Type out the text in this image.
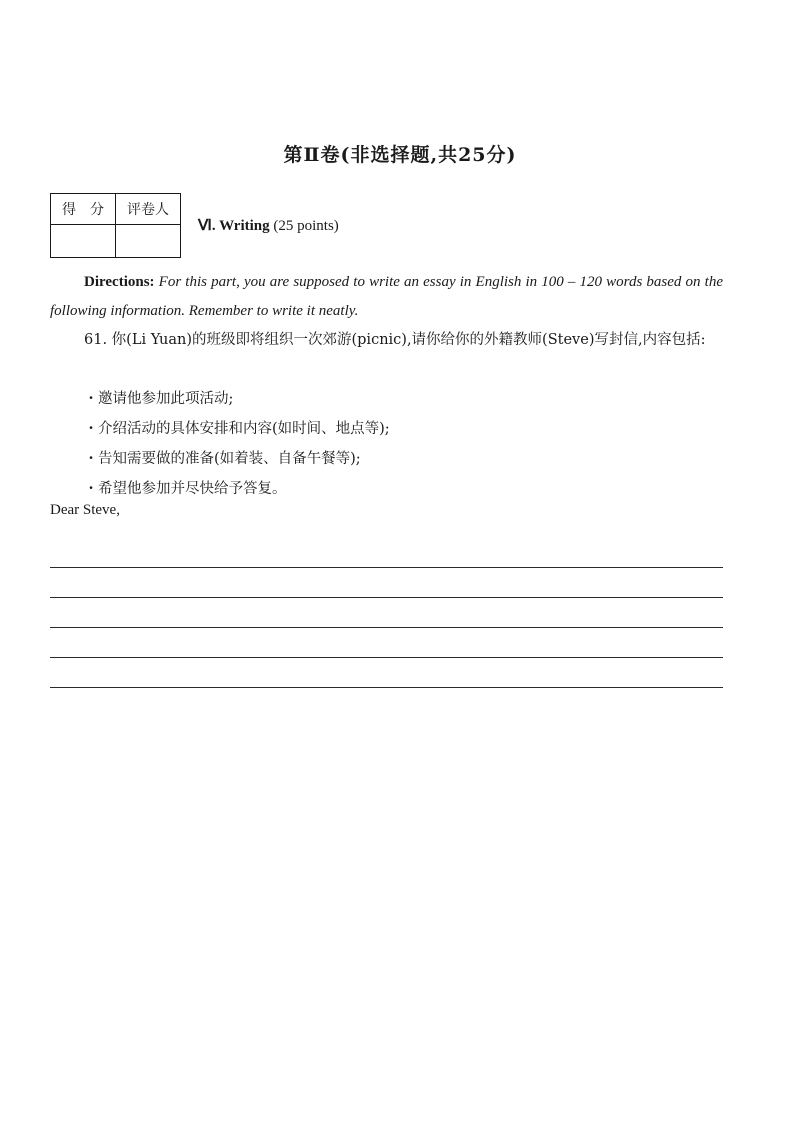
第Ⅱ卷(非选择题,共25分)
得　分	评卷人

Ⅵ. Writing (25 points)
Directions: For this part, you are supposed to write an essay in English in 100 – 120 words based on the following information. Remember to write it neatly.
61. 你(Li Yuan)的班级即将组织一次郊游(picnic),请你给你的外籍教师(Steve)写封信,内容包括:
· 邀请他参加此项活动;
· 介绍活动的具体安排和内容(如时间、地点等);
· 告知需要做的准备(如着装、自备午餐等);
· 希望他参加并尽快给予答复。
Dear Steve,
